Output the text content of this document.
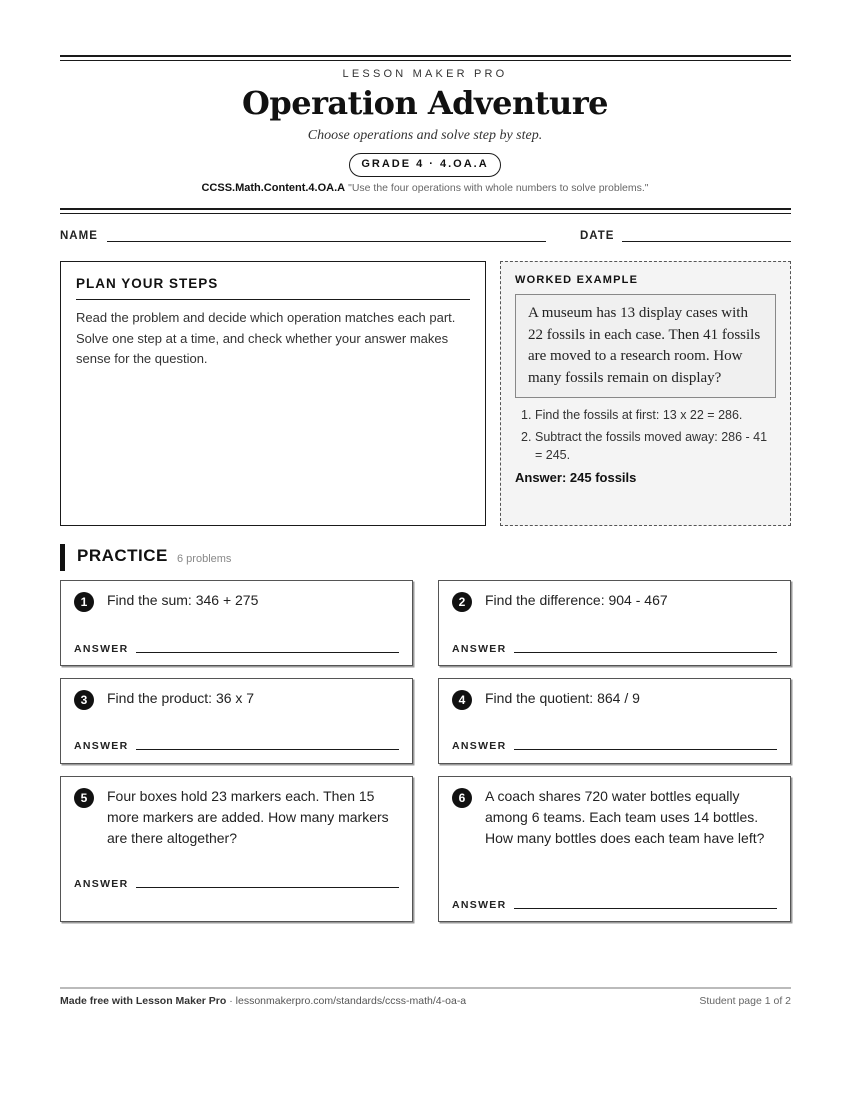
LESSON MAKER PRO
Operation Adventure
Choose operations and solve step by step.
GRADE 4 · 4.OA.A
CCSS.Math.Content.4.OA.A "Use the four operations with whole numbers to solve problems."
NAME	DATE
PLAN YOUR STEPS
Read the problem and decide which operation matches each part. Solve one step at a time, and check whether your answer makes sense for the question.
WORKED EXAMPLE
A museum has 13 display cases with 22 fossils in each case. Then 41 fossils are moved to a research room. How many fossils remain on display?
1. Find the fossils at first: 13 x 22 = 286.
2. Subtract the fossils moved away: 286 - 41 = 245.
Answer: 245 fossils
PRACTICE 6 problems
1	Find the sum: 346 + 275
ANSWER
2	Find the difference: 904 - 467
ANSWER
3	Find the product: 36 x 7
ANSWER
4	Find the quotient: 864 / 9
ANSWER
5	Four boxes hold 23 markers each. Then 15 more markers are added. How many markers are there altogether?
ANSWER
6	A coach shares 720 water bottles equally among 6 teams. Each team uses 14 bottles. How many bottles does each team have left?
ANSWER
Made free with Lesson Maker Pro · lessonmakerpro.com/standards/ccss-math/4-oa-a	Student page 1 of 2
